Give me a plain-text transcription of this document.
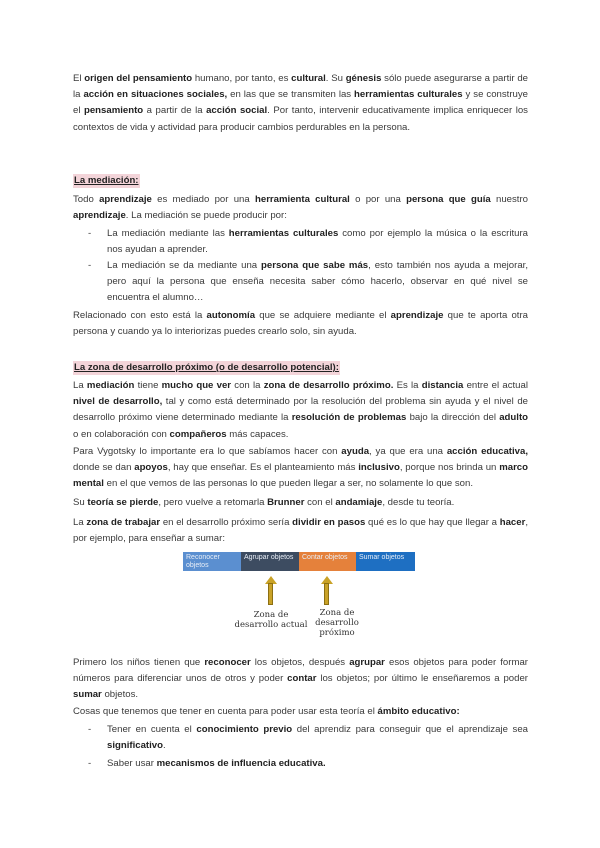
El origen del pensamiento humano, por tanto, es cultural. Su génesis sólo puede asegurarse a partir de la acción en situaciones sociales, en las que se transmiten las herramientas culturales y se construye el pensamiento a partir de la acción social. Por tanto, intervenir educativamente implica enriquecer los contextos de vida y actividad para producir cambios perdurables en la persona.

La mediación:

Todo aprendizaje es mediado por una herramienta cultural o por una persona que guía nuestro aprendizaje. La mediación se puede producir por:

- La mediación mediante las herramientas culturales como por ejemplo la música o la escritura nos ayudan a aprender.
- La mediación se da mediante una persona que sabe más, esto también nos ayuda a mejorar, pero aquí la persona que enseña necesita saber cómo hacerlo, observar en qué nivel se encuentra el alumno…

Relacionado con esto está la autonomía que se adquiere mediante el aprendizaje que te aporta otra persona y cuando ya lo interiorizas puedes crearlo solo, sin ayuda.

La zona de desarrollo próximo (o de desarrollo potencial):

La mediación tiene mucho que ver con la zona de desarrollo próximo. Es la distancia entre el actual nivel de desarrollo, tal y como está determinado por la resolución del problema sin ayuda y el nivel de desarrollo próximo viene determinado mediante la resolución de problemas bajo la dirección del adulto o en colaboración con compañeros más capaces.

Para Vygotsky lo importante era lo que sabíamos hacer con ayuda, ya que era una acción educativa, donde se dan apoyos, hay que enseñar. Es el planteamiento más inclusivo, porque nos brinda un marco mental en el que vemos de las personas lo que pueden llegar a ser, no solamente lo que son.

Su teoría se pierde, pero vuelve a retomarla Brunner con el andamiaje, desde tu teoría.

La zona de trabajar en el desarrollo próximo sería dividir en pasos qué es lo que hay que llegar a hacer, por ejemplo, para enseñar a sumar:

Reconocer objetos
Agrupar objetos	Contar objetos	Sumar objetos
Zona de desarrollo actual
Zona de desarrollo próximo

Primero los niños tienen que reconocer los objetos, después agrupar esos objetos para poder formar números para diferenciar unos de otros y poder contar los objetos; por último le enseñaremos a poder sumar objetos.

Cosas que tenemos que tener en cuenta para poder usar esta teoría el ámbito educativo:

- Tener en cuenta el conocimiento previo del aprendiz para conseguir que el aprendizaje sea significativo.
- Saber usar mecanismos de influencia educativa.
